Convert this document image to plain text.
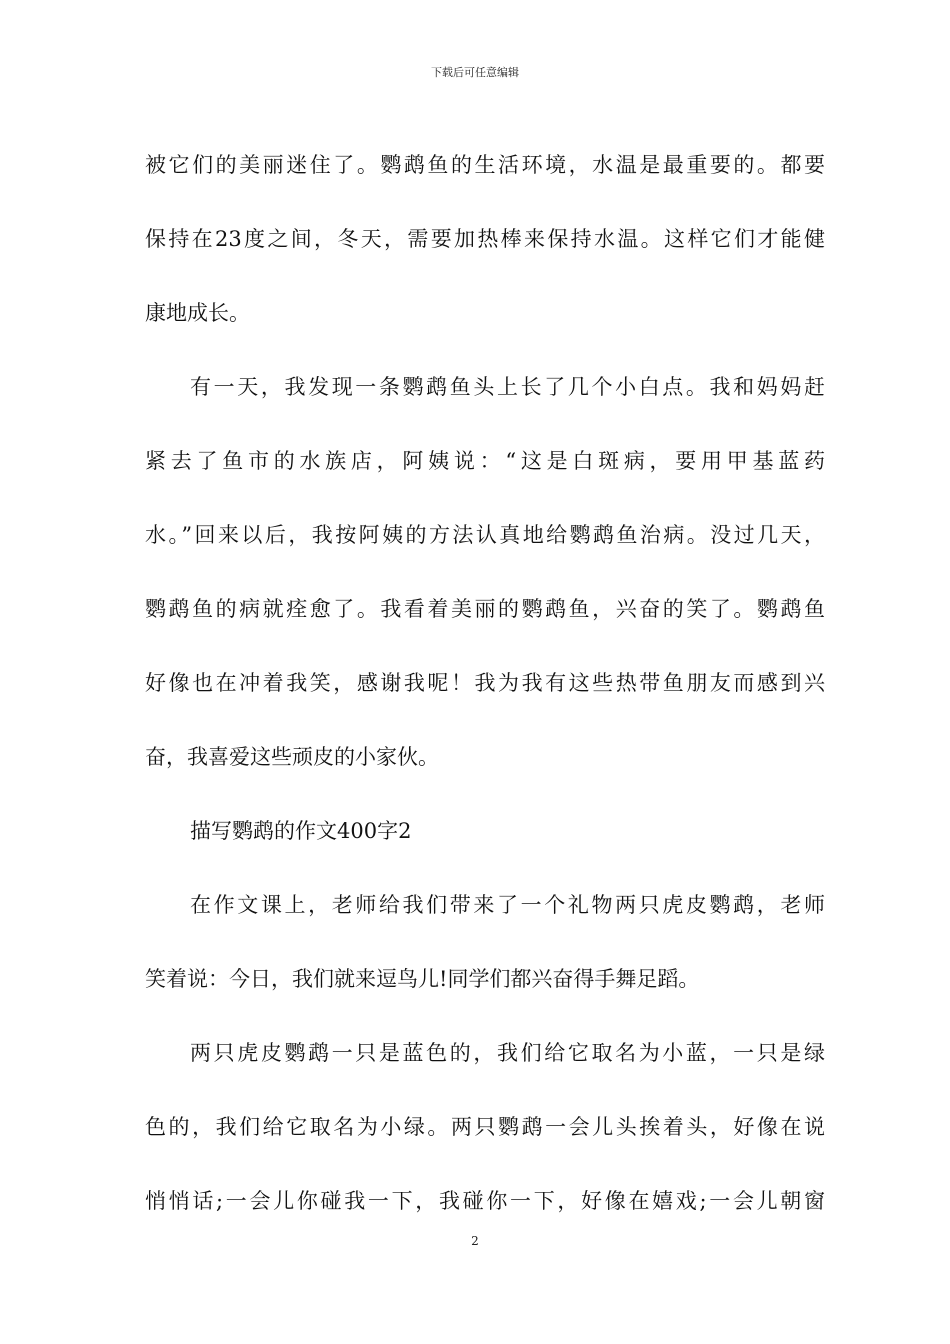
下载后可任意编辑

被它们的美丽迷住了。鹦鹉鱼的生活环境，水温是最重要的。都要
保持在23度之间，冬天，需要加热棒来保持水温。这样它们才能健
康地成长。

有一天，我发现一条鹦鹉鱼头上长了几个小白点。我和妈妈赶
紧去了鱼市的水族店，阿姨说：“这是白斑病，要用甲基蓝药
水。”回来以后，我按阿姨的方法认真地给鹦鹉鱼治病。没过几天，
鹦鹉鱼的病就痊愈了。我看着美丽的鹦鹉鱼，兴奋的笑了。鹦鹉鱼
好像也在冲着我笑，感谢我呢！我为我有这些热带鱼朋友而感到兴
奋，我喜爱这些顽皮的小家伙。

描写鹦鹉的作文400字2

在作文课上，老师给我们带来了一个礼物两只虎皮鹦鹉，老师
笑着说：今日，我们就来逗鸟儿!同学们都兴奋得手舞足蹈。

两只虎皮鹦鹉一只是蓝色的，我们给它取名为小蓝，一只是绿
色的，我们给它取名为小绿。两只鹦鹉一会儿头挨着头，好像在说
悄悄话;一会儿你碰我一下，我碰你一下，好像在嬉戏;一会儿朝窗

2
